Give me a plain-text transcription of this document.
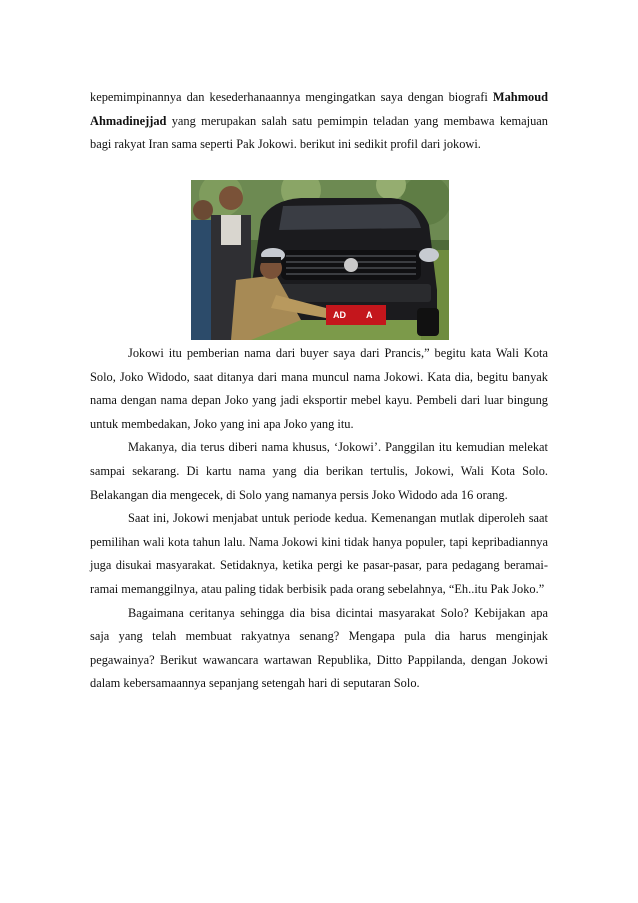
kepemimpinannya dan kesederhanaannya mengingatkan saya dengan biografi Mahmoud Ahmadinejjad yang merupakan salah satu pemimpin teladan yang membawa kemajuan bagi rakyat Iran sama seperti Pak Jokowi. berikut ini sedikit profil dari jokowi.

AD A

Jokowi itu pemberian nama dari buyer saya dari Prancis,” begitu kata Wali Kota Solo, Joko Widodo, saat ditanya dari mana muncul nama Jokowi. Kata dia, begitu banyak nama dengan nama depan Joko yang jadi eksportir mebel kayu. Pembeli dari luar bingung untuk membedakan, Joko yang ini apa Joko yang itu.

Makanya, dia terus diberi nama khusus, ‘Jokowi’. Panggilan itu kemudian melekat sampai sekarang. Di kartu nama yang dia berikan tertulis, Jokowi, Wali Kota Solo. Belakangan dia mengecek, di Solo yang namanya persis Joko Widodo ada 16 orang.

Saat ini, Jokowi menjabat untuk periode kedua. Kemenangan mutlak diperoleh saat pemilihan wali kota tahun lalu. Nama Jokowi kini tidak hanya populer, tapi kepribadiannya juga disukai masyarakat. Setidaknya, ketika pergi ke pasar-pasar, para pedagang beramai-ramai memanggilnya, atau paling tidak berbisik pada orang sebelahnya, “Eh..itu Pak Joko.”

Bagaimana ceritanya sehingga dia bisa dicintai masyarakat Solo? Kebijakan apa saja yang telah membuat rakyatnya senang? Mengapa pula dia harus menginjak pegawainya? Berikut wawancara wartawan Republika, Ditto Pappilanda, dengan Jokowi dalam kebersamaannya sepanjang setengah hari di seputaran Solo.
